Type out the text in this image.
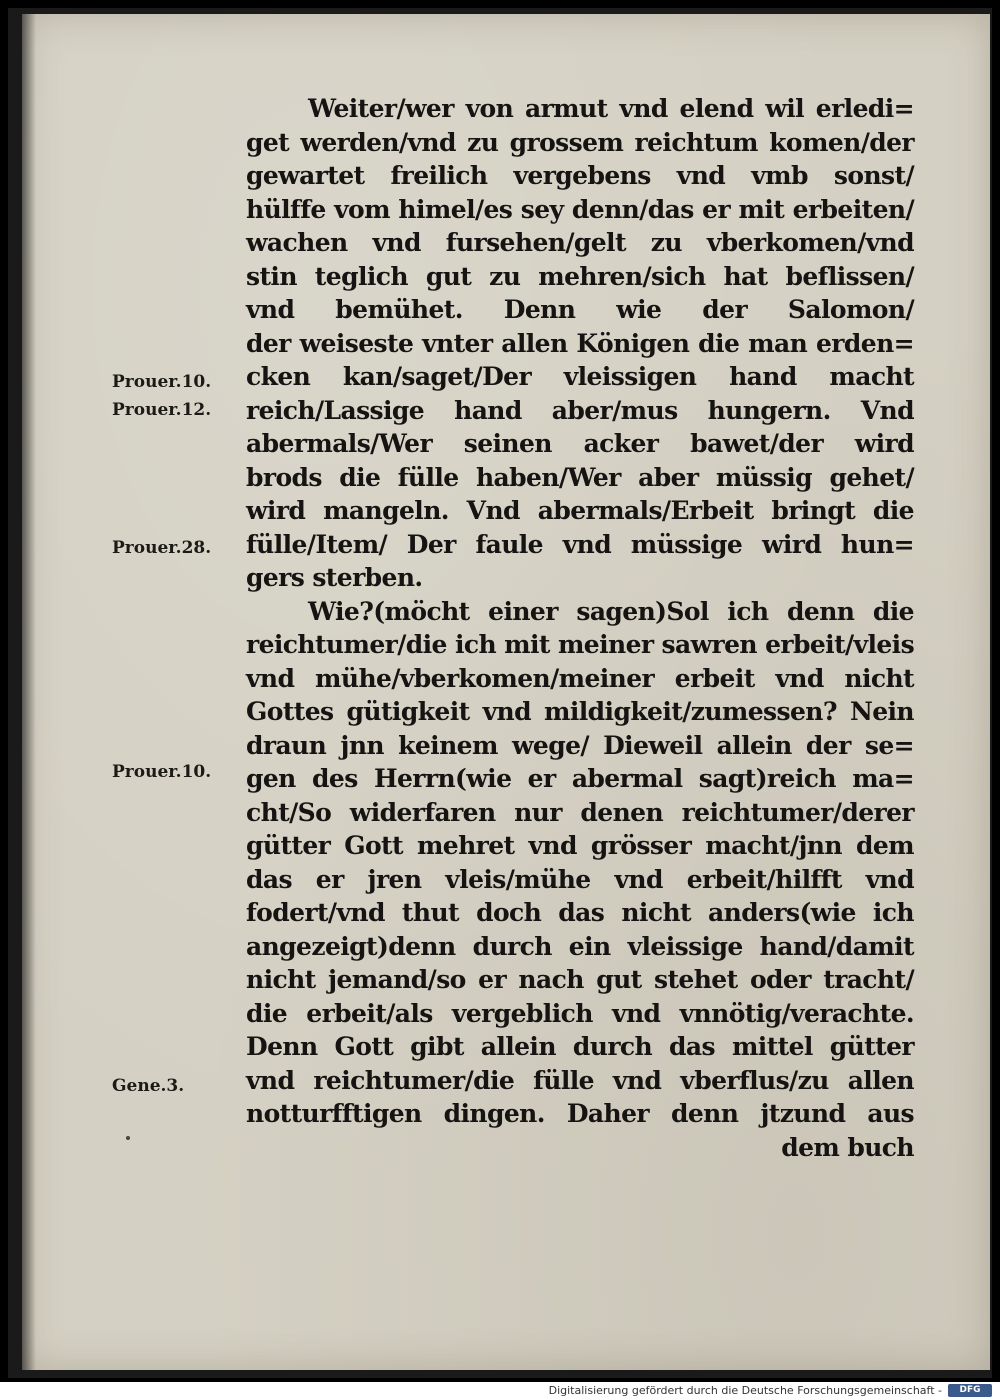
Weiter/wer von armut vnd elend wil erledi=
get werden/vnd zu grossem reichtum komen/der
gewartet freilich vergebens vnd vmb sonst/
hülffe vom himel/es sey denn/das er mit erbeiten/
wachen vnd fursehen/gelt zu vberkomen/vnd
stin teglich gut zu mehren/sich hat beflissen/
vnd bemühet. Denn wie der Salomon/
der weiseste vnter allen Königen die man erden=
cken kan/saget/Der vleissigen hand macht
reich/Lassige hand aber/mus hungern. Vnd
abermals/Wer seinen acker bawet/der wird
brods die fülle haben/Wer aber müssig gehet/
wird mangeln. Vnd abermals/Erbeit bringt die
fülle/Item/ Der faule vnd müssige wird hun=
gers sterben.
Wie?(möcht einer sagen)Sol ich denn die
reichtumer/die ich mit meiner sawren erbeit/vleis
vnd mühe/vberkomen/meiner erbeit vnd nicht
Gottes gütigkeit vnd mildigkeit/zumessen? Nein
draun jnn keinem wege/ Dieweil allein der se=
gen des Herrn(wie er abermal sagt)reich ma=
cht/So widerfaren nur denen reichtumer/derer
gütter Gott mehret vnd grösser macht/jnn dem
das er jren vleis/mühe vnd erbeit/hilfft vnd
fodert/vnd thut doch das nicht anders(wie ich
angezeigt)denn durch ein vleissige hand/damit
nicht jemand/so er nach gut stehet oder tracht/
die erbeit/als vergeblich vnd vnnötig/verachte.
Denn Gott gibt allein durch das mittel gütter
vnd reichtumer/die fülle vnd vberflus/zu allen
notturfftigen dingen. Daher denn jtzund aus
dem buch
Prouer.10.
Prouer.12.
Prouer.28.
Prouer.10.
Gene.3.
Digitalisierung gefördert durch die Deutsche Forschungsgemeinschaft -	DFG
